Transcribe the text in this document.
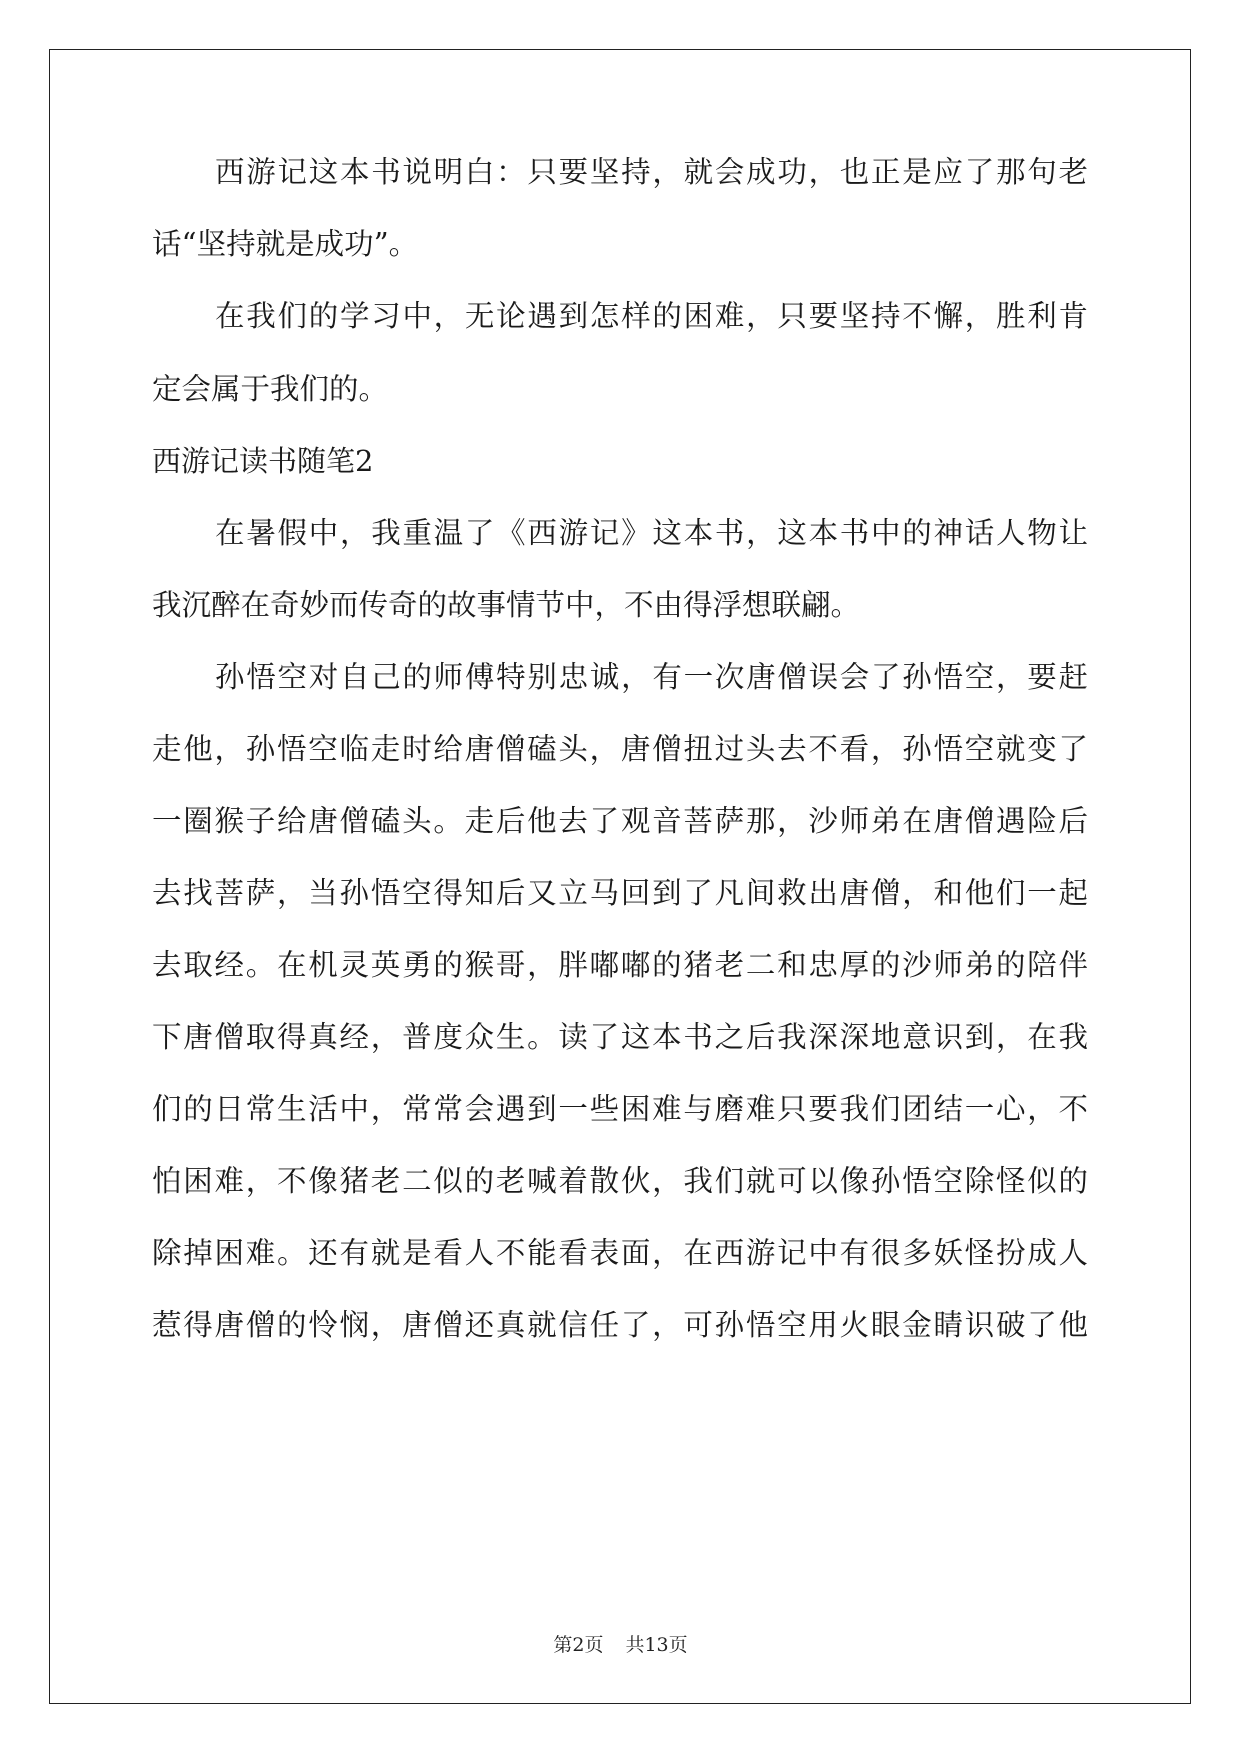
西游记这本书说明白：只要坚持，就会成功，也正是应了那句老
话“坚持就是成功”。
在我们的学习中，无论遇到怎样的困难，只要坚持不懈，胜利肯
定会属于我们的。
西游记读书随笔2
在暑假中，我重温了《西游记》这本书，这本书中的神话人物让
我沉醉在奇妙而传奇的故事情节中，不由得浮想联翩。
孙悟空对自己的师傅特别忠诚，有一次唐僧误会了孙悟空，要赶
走他，孙悟空临走时给唐僧磕头，唐僧扭过头去不看，孙悟空就变了
一圈猴子给唐僧磕头。走后他去了观音菩萨那，沙师弟在唐僧遇险后
去找菩萨，当孙悟空得知后又立马回到了凡间救出唐僧，和他们一起
去取经。在机灵英勇的猴哥，胖嘟嘟的猪老二和忠厚的沙师弟的陪伴
下唐僧取得真经，普度众生。读了这本书之后我深深地意识到，在我
们的日常生活中，常常会遇到一些困难与磨难只要我们团结一心，不
怕困难，不像猪老二似的老喊着散伙，我们就可以像孙悟空除怪似的
除掉困难。还有就是看人不能看表面，在西游记中有很多妖怪扮成人
惹得唐僧的怜悯，唐僧还真就信任了，可孙悟空用火眼金睛识破了他
第2页 共13页
